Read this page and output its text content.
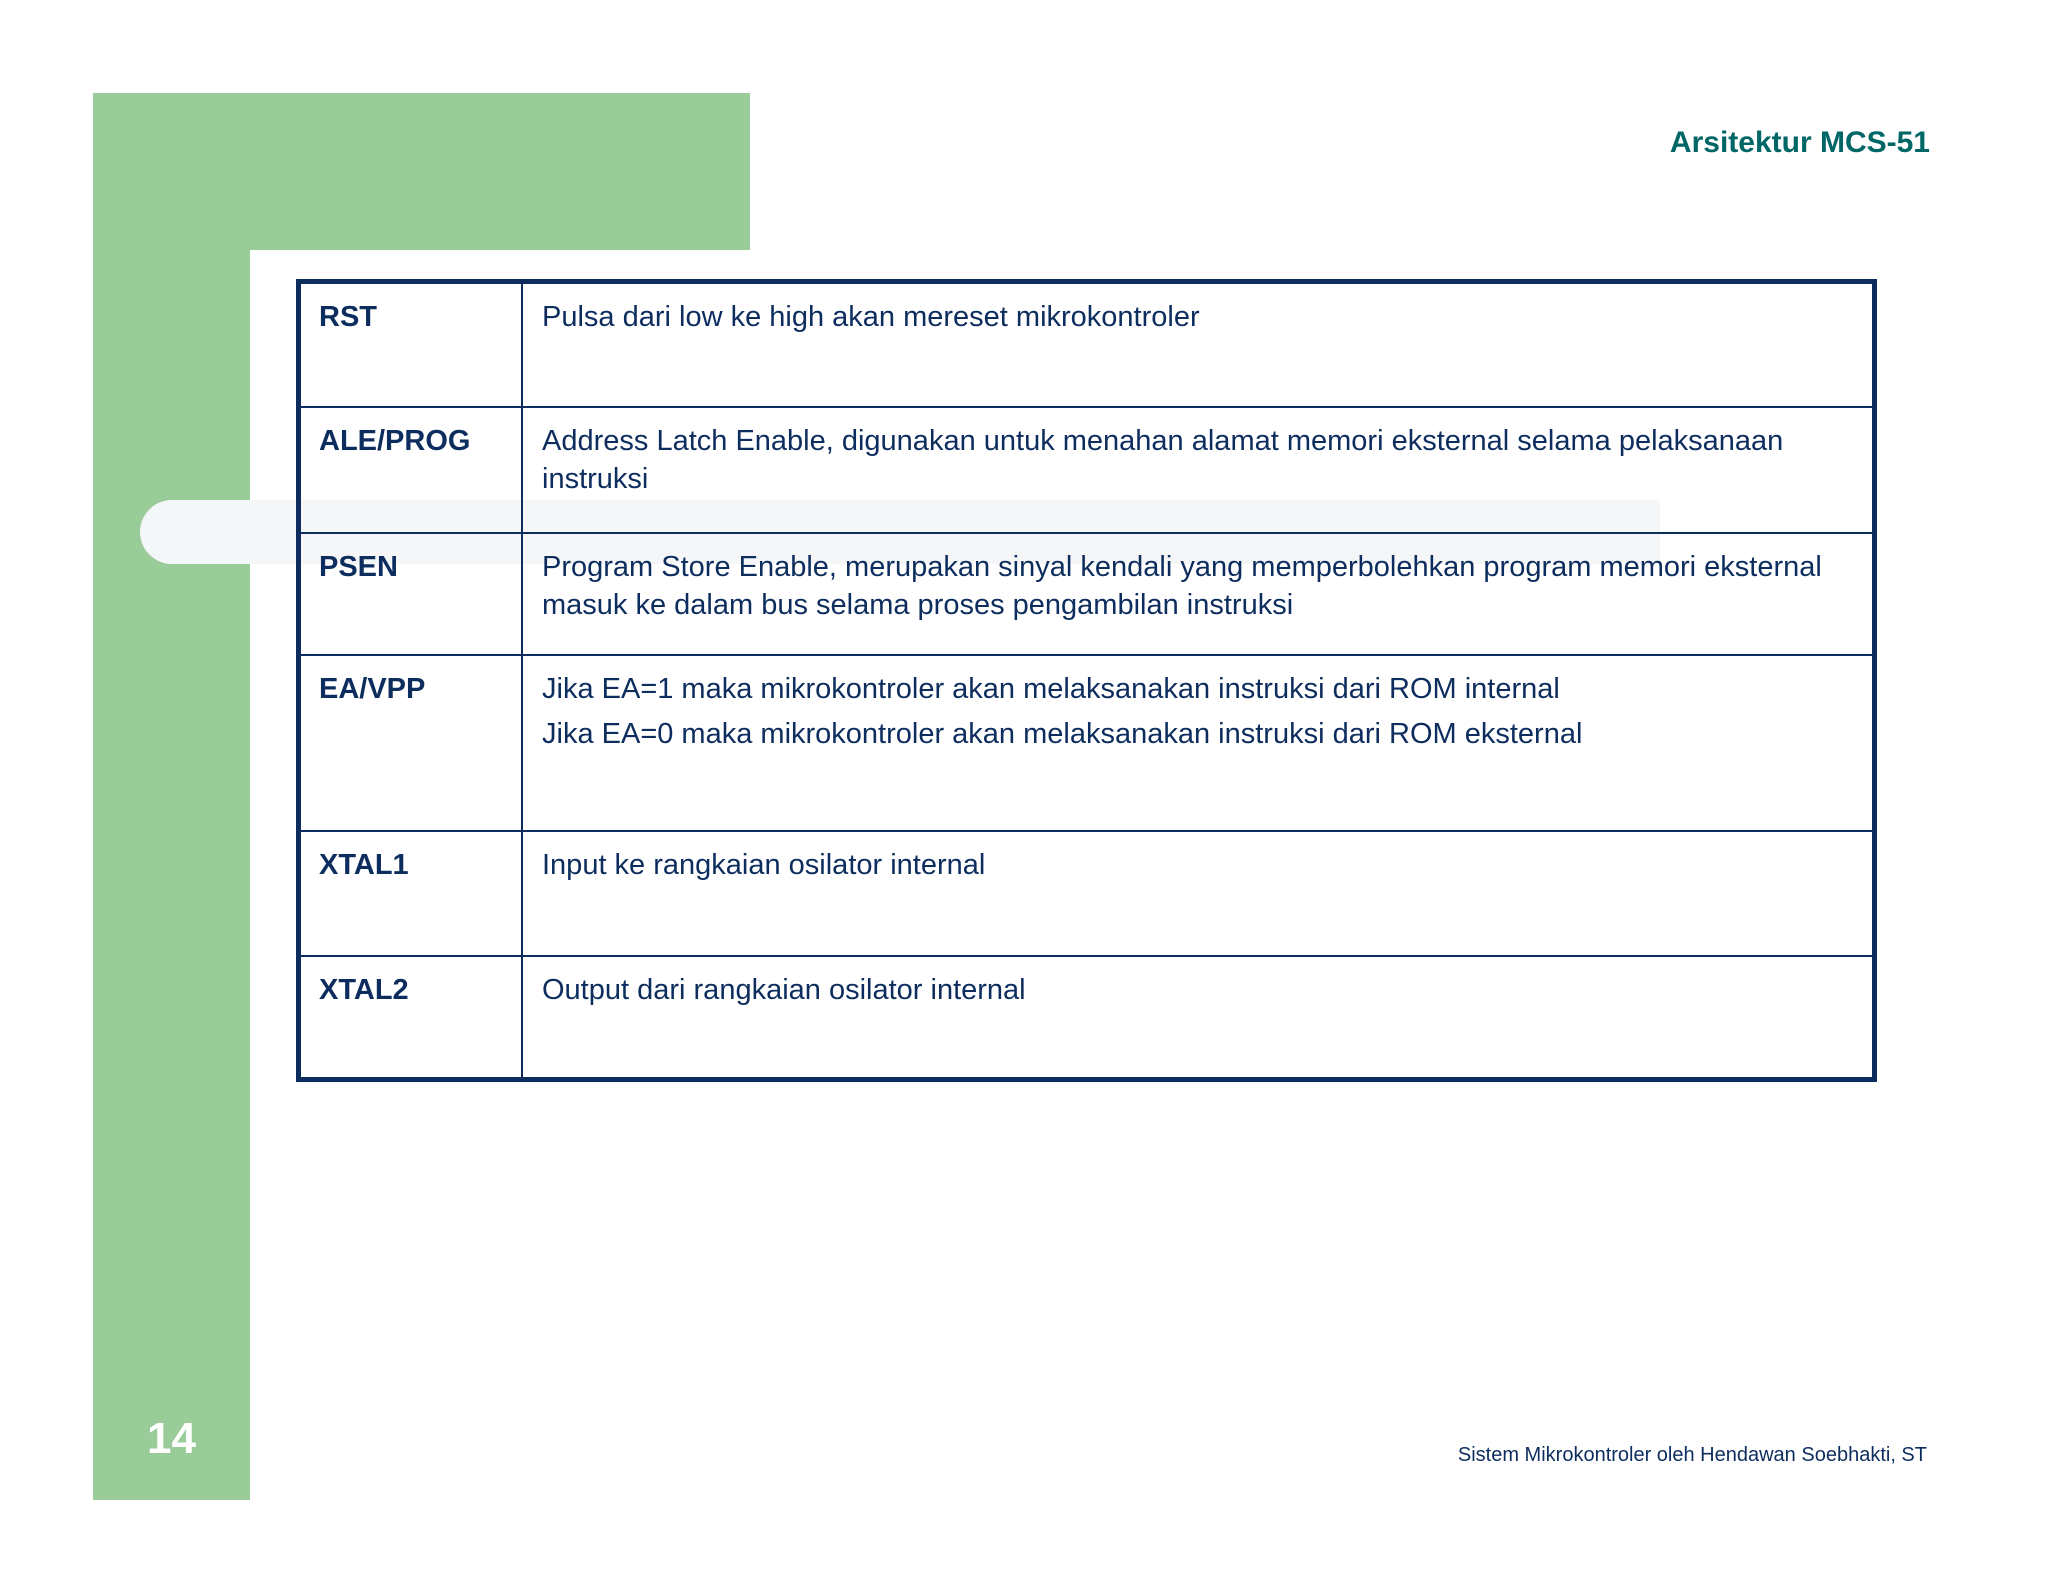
Arsitektur MCS-51
RST	Pulsa dari low ke high akan mereset mikrokontroler

ALE/PROG	Address Latch Enable, digunakan untuk menahan alamat memori eksternal selama pelaksanaan instruksi

PSEN	Program Store Enable, merupakan sinyal kendali yang memperbolehkan program memori eksternal masuk ke dalam bus selama proses pengambilan instruksi

EA/VPP	Jika EA=1 maka mikrokontroler akan melaksanakan instruksi dari ROM internal
Jika EA=0 maka mikrokontroler akan melaksanakan instruksi dari ROM eksternal

XTAL1	Input ke rangkaian osilator internal

XTAL2	Output dari rangkaian osilator internal
14	Sistem Mikrokontroler oleh Hendawan Soebhakti, ST
